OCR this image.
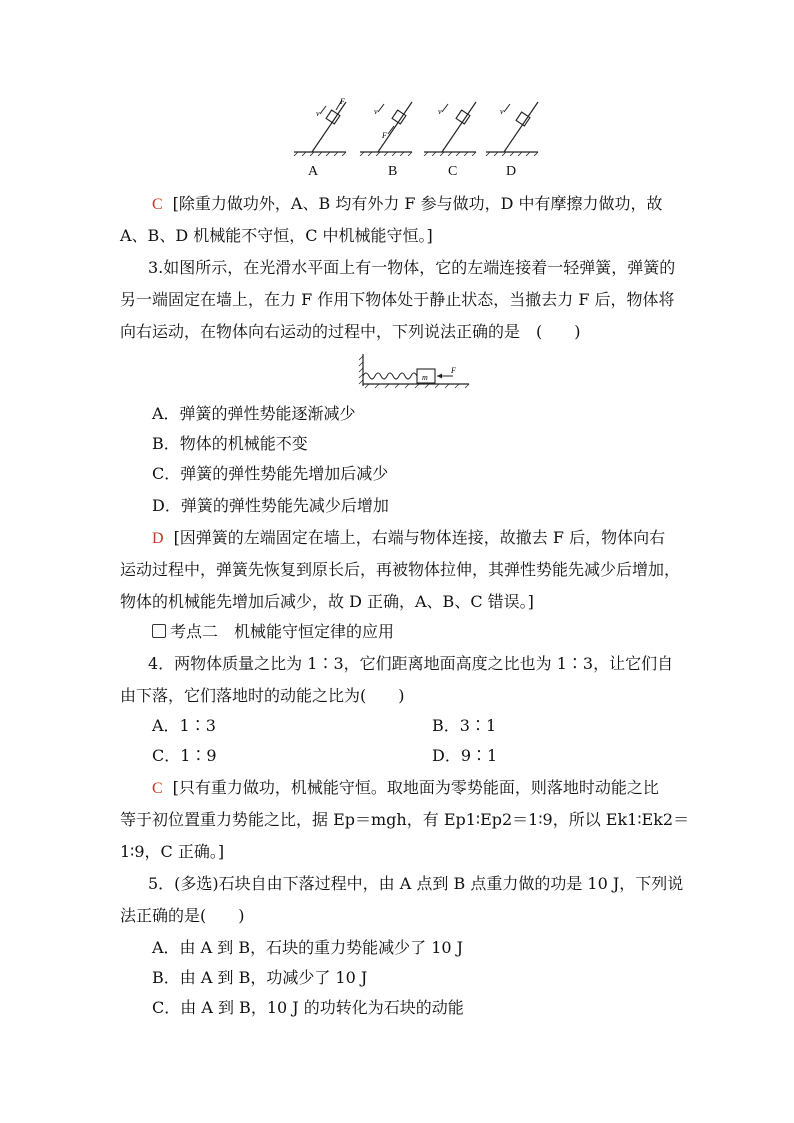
F
v
F
v	v	v
A	B	C	D
C [除重力做功外，A、B 均有外力 F 参与做功，D 中有摩擦力做功，故
A、B、D 机械能不守恒，C 中机械能守恒。]
3.如图所示，在光滑水平面上有一物体，它的左端连接着一轻弹簧，弹簧的
另一端固定在墙上，在力 F 作用下物体处于静止状态，当撤去力 F 后，物体将
向右运动，在物体向右运动的过程中，下列说法正确的是　(　　)
m
F
A．弹簧的弹性势能逐渐减少
B．物体的机械能不变
C．弹簧的弹性势能先增加后减少
D．弹簧的弹性势能先减少后增加
D [因弹簧的左端固定在墙上，右端与物体连接，故撤去 F 后，物体向右
运动过程中，弹簧先恢复到原长后，再被物体拉伸，其弹性势能先减少后增加，
物体的机械能先增加后减少，故 D 正确，A、B、C 错误。]
考点二　机械能守恒定律的应用
4．两物体质量之比为 1∶3，它们距离地面高度之比也为 1∶3，让它们自
由下落，它们落地时的动能之比为(　　)
A．1∶3	B．3∶1
C．1∶9	D．9∶1
C [只有重力做功，机械能守恒。取地面为零势能面，则落地时动能之比
等于初位置重力势能之比，据 Ep＝mgh，有 Ep1∶Ep2＝1∶9，所以 Ek1∶Ek2＝
1∶9，C 正确。]
5．(多选)石块自由下落过程中，由 A 点到 B 点重力做的功是 10 J，下列说
法正确的是(　　)
A．由 A 到 B，石块的重力势能减少了 10 J
B．由 A 到 B，功减少了 10 J
C．由 A 到 B，10 J 的功转化为石块的动能
